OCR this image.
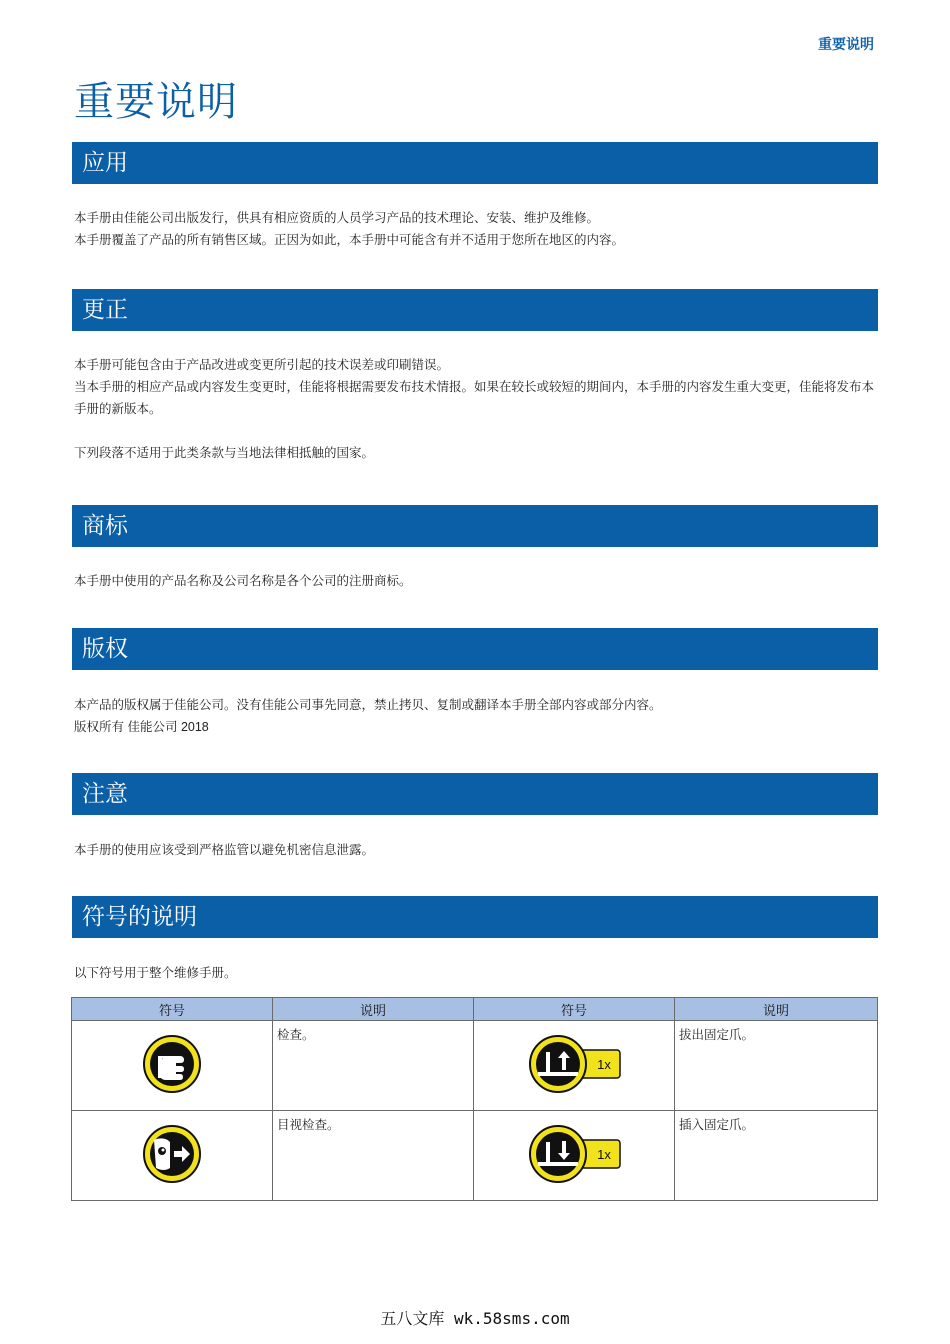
重要说明
重要说明
应用

本手册由佳能公司出版发行，供具有相应资质的人员学习产品的技术理论、安装、维护及维修。

本手册覆盖了产品的所有销售区域。正因为如此，本手册中可能含有并不适用于您所在地区的内容。

更正

本手册可能包含由于产品改进或变更所引起的技术误差或印刷错误。

当本手册的相应产品或内容发生变更时，佳能将根据需要发布技术情报。如果在较长或较短的期间内，本手册的内容发生重大变更，佳能将发布本手册的新版本。

下列段落不适用于此类条款与当地法律相抵触的国家。

商标

本手册中使用的产品名称及公司名称是各个公司的注册商标。

版权

本产品的版权属于佳能公司。没有佳能公司事先同意，禁止拷贝、复制或翻译本手册全部内容或部分内容。

版权所有 佳能公司 2018

注意

本手册的使用应该受到严格监管以避免机密信息泄露。

符号的说明

以下符号用于整个维修手册。

符号	说明	符号	说明
	检查。	1x	拔出固定爪。
	目视检查。	1x	插入固定爪。
五八文库 wk.58sms.com
